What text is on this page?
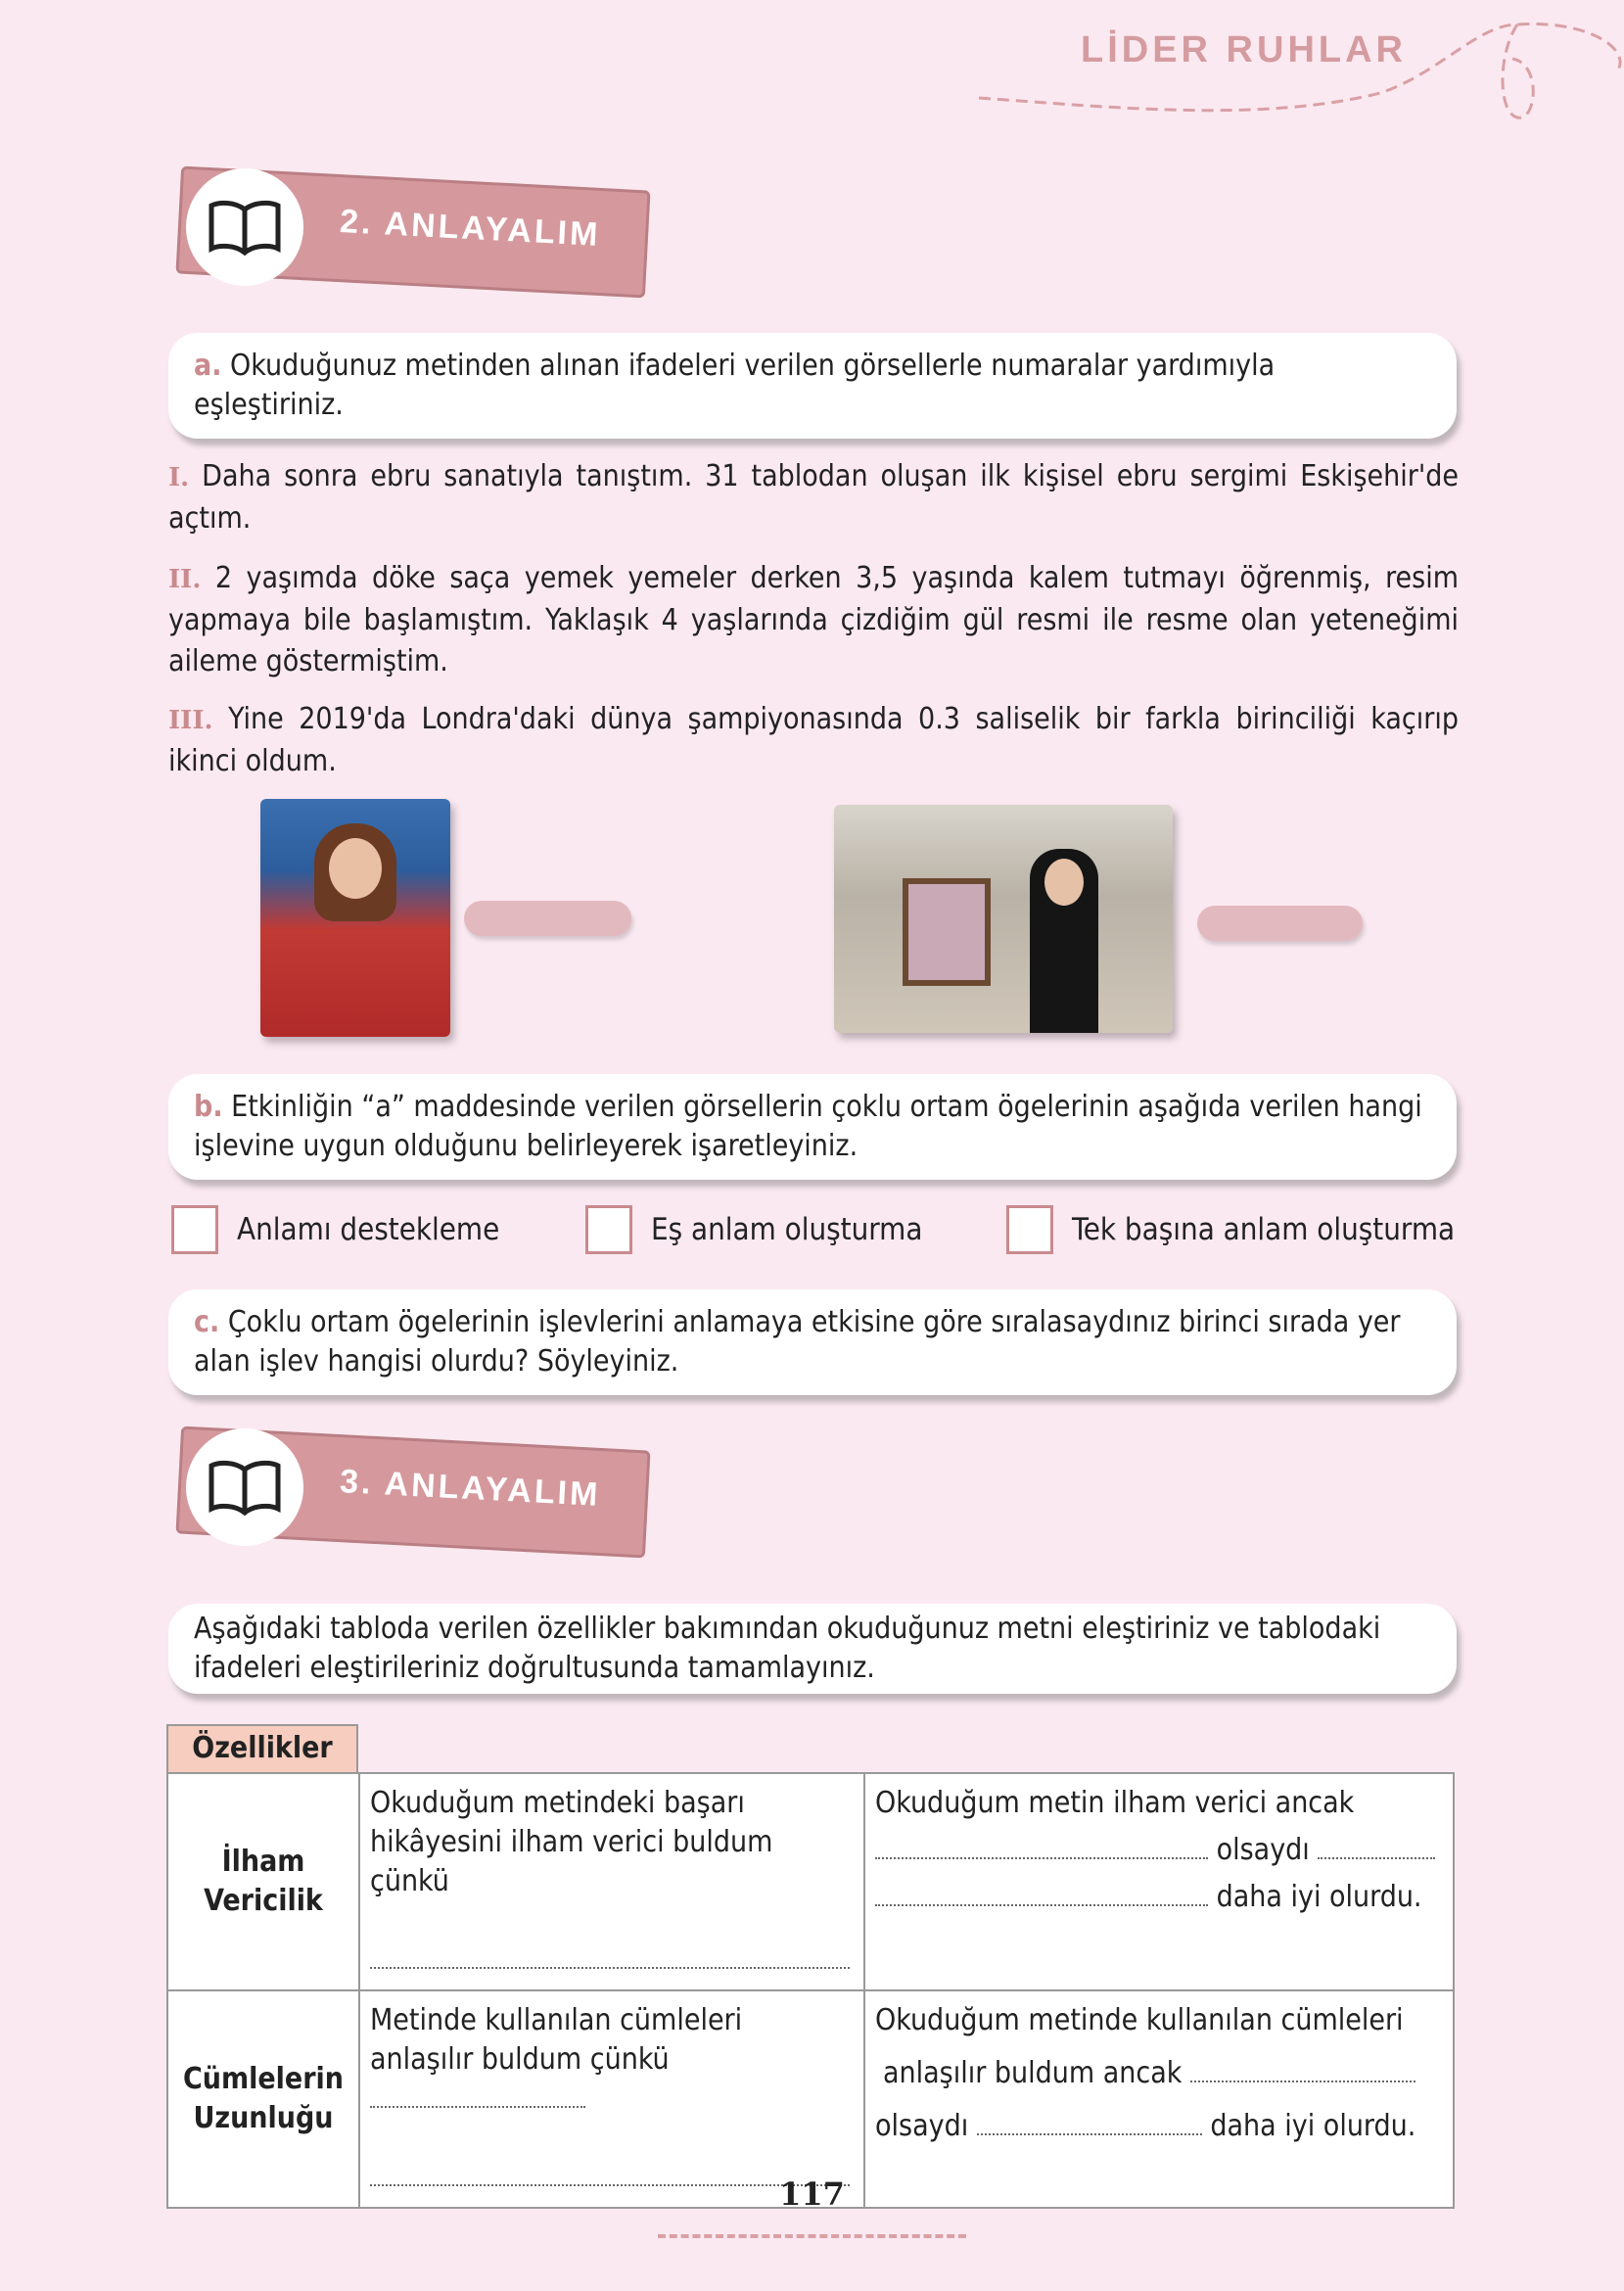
LİDER RUHLAR
2. ANLAYALIM
a. Okuduğunuz metinden alınan ifadeleri verilen görsellerle numaralar yardımıyla eşleştiriniz.
I. Daha sonra ebru sanatıyla tanıştım. 31 tablodan oluşan ilk kişisel ebru sergimi Eskişehir'de açtım.
II. 2 yaşımda döke saça yemek yemeler derken 3,5 yaşında kalem tutmayı öğrenmiş, resim yapmaya bile başlamıştım. Yaklaşık 4 yaşlarında çizdiğim gül resmi ile resme olan yeteneğimi aileme göstermiştim.
III. Yine 2019'da Londra'daki dünya şampiyonasında 0.3 saliselik bir farkla birinciliği kaçırıp ikinci oldum.
b. Etkinliğin “a” maddesinde verilen görsellerin çoklu ortam ögelerinin aşağıda verilen hangi işlevine uygun olduğunu belirleyerek işaretleyiniz.
Anlamı destekleme	Eş anlam oluşturma	Tek başına anlam oluşturma
c. Çoklu ortam ögelerinin işlevlerini anlamaya etkisine göre sıralasaydınız birinci sırada yer alan işlev hangisi olurdu? Söyleyiniz.
3. ANLAYALIM
Aşağıdaki tabloda verilen özellikler bakımından okuduğunuz metni eleştiriniz ve tablodaki ifadeleri eleştirileriniz doğrultusunda tamamlayınız.
Özellikler
İlham Vericilik	Okuduğum metindeki başarı hikâyesini ilham verici buldum çünkü	Okuduğum metin ilham verici ancak

olsaydı
daha iyi olurdu.

Cümlelerin Uzunluğu	Metinde kullanılan cümleleri anlaşılır buldum çünkü	Okuduğum metinde kullanılan cümleleri
anlaşılır buldum ancak
olsaydı daha iyi olurdu.
117
